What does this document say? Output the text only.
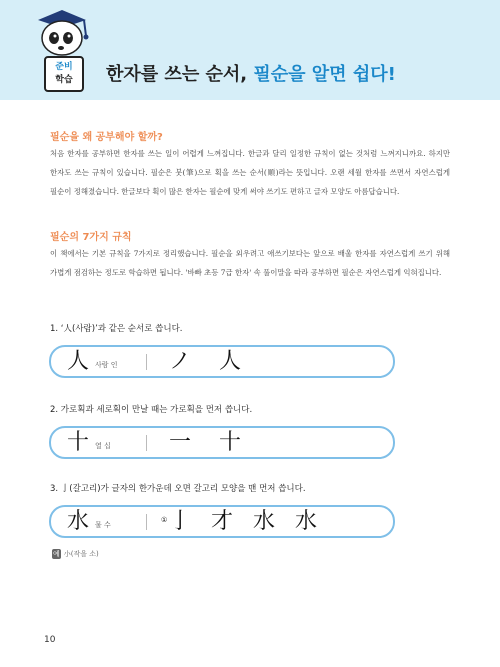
준비
학습	한자를 쓰는 순서, 필순을 알면 쉽다!
필순을 왜 공부해야 할까?
처음 한자를 공부하면 한자를 쓰는 일이 어렵게 느껴집니다. 한글과 달리 일정한 규칙이 없는 것처럼 느껴지니까요. 하지만 한자도 쓰는 규칙이 있습니다. 필순은 붓(筆)으로 획을 쓰는 순서(順)라는 뜻입니다. 오랜 세월 한자를 쓰면서 자연스럽게 필순이 정해졌습니다. 한글보다 획이 많은 한자는 필순에 맞게 써야 쓰기도 편하고 글자 모양도 아름답습니다.
필순의 7가지 규칙
이 책에서는 기본 규칙을 7가지로 정리했습니다. 필순을 외우려고 애쓰기보다는 앞으로 배울 한자를 자연스럽게 쓰기 위해 가볍게 점검하는 정도로 학습하면 됩니다. '바빠 초등 7급 한자' 속 풀이말을 따라 공부하면 필순은 자연스럽게 익혀집니다.
1. ‘人(사람)’과 같은 순서로 씁니다.
人 사람 인 ノ 人
2. 가로획과 세로획이 만날 때는 가로획을 먼저 씁니다.
十 열 십	一 十
3. 亅(갈고리)가 글자의 한가운데 오면 갈고리 모양을 맨 먼저 씁니다.
水 물 수
① 亅 才 水 水
예 小(작을 소)
10
